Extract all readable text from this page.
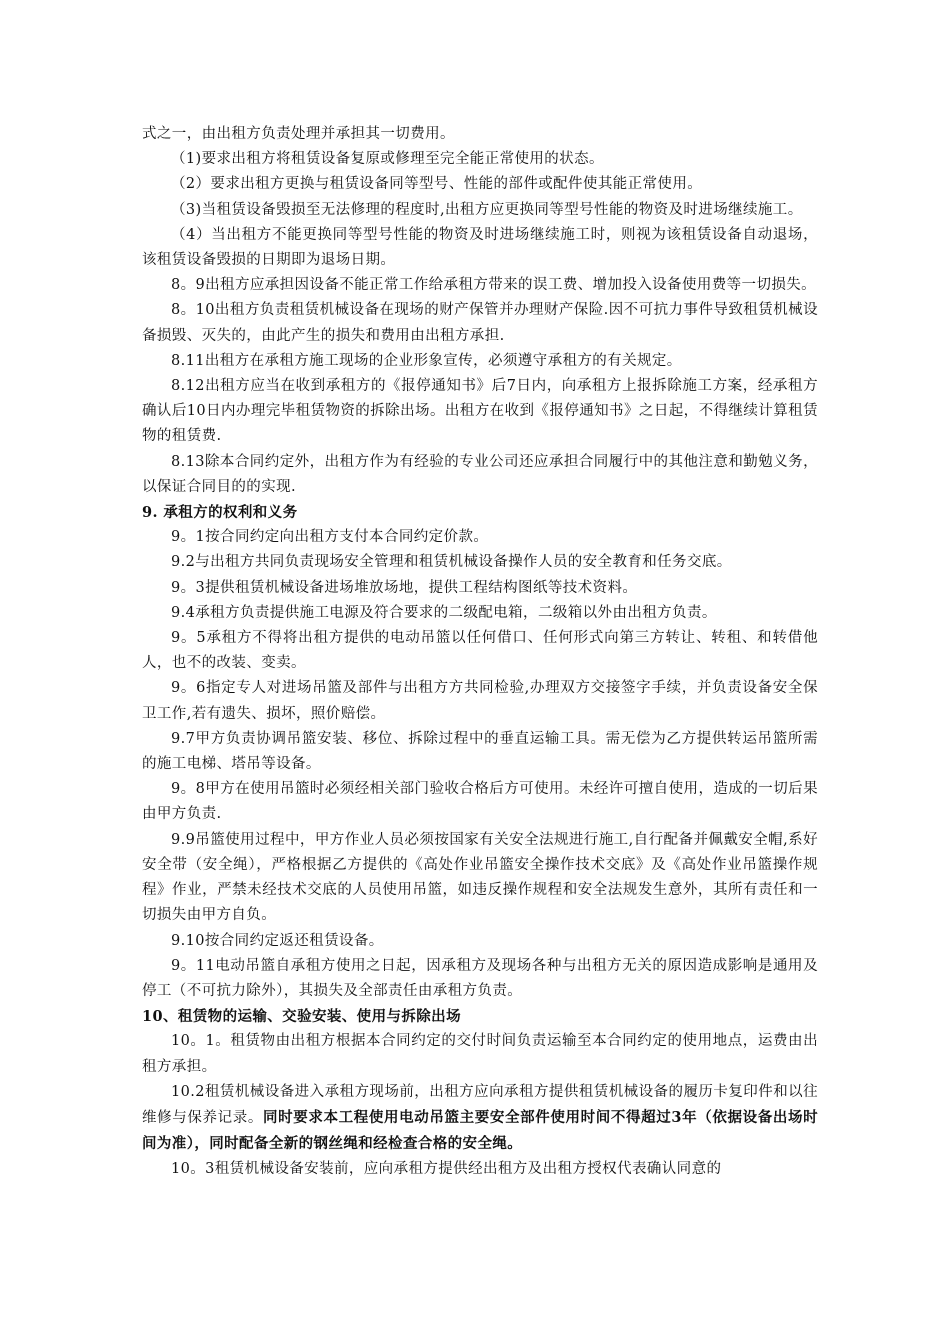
式之一，由出租方负责处理并承担其一切费用。

（1)要求出租方将租赁设备复原或修理至完全能正常使用的状态。

（2）要求出租方更换与租赁设备同等型号、性能的部件或配件使其能正常使用。

（3)当租赁设备毁损至无法修理的程度时,出租方应更换同等型号性能的物资及时进场继续施工。

（4）当出租方不能更换同等型号性能的物资及时进场继续施工时，则视为该租赁设备自动退场，该租赁设备毁损的日期即为退场日期。

8。9出租方应承担因设备不能正常工作给承租方带来的误工费、增加投入设备使用费等一切损失。

8。10出租方负责租赁机械设备在现场的财产保管并办理财产保险.因不可抗力事件导致租赁机械设备损毁、灭失的，由此产生的损失和费用由出租方承担.

8.11出租方在承租方施工现场的企业形象宣传，必须遵守承租方的有关规定。

8.12出租方应当在收到承租方的《报停通知书》后7日内，向承租方上报拆除施工方案，经承租方确认后10日内办理完毕租赁物资的拆除出场。出租方在收到《报停通知书》之日起，不得继续计算租赁物的租赁费.

8.13除本合同约定外，出租方作为有经验的专业公司还应承担合同履行中的其他注意和勤勉义务，以保证合同目的的实现.

9. 承租方的权利和义务

9。1按合同约定向出租方支付本合同约定价款。

9.2与出租方共同负责现场安全管理和租赁机械设备操作人员的安全教育和任务交底。

9。3提供租赁机械设备进场堆放场地，提供工程结构图纸等技术资料。

9.4承租方负责提供施工电源及符合要求的二级配电箱，二级箱以外由出租方负责。

9。5承租方不得将出租方提供的电动吊篮以任何借口、任何形式向第三方转让、转租、和转借他人，也不的改装、变卖。

9。6指定专人对进场吊篮及部件与出租方方共同检验,办理双方交接签字手续，并负责设备安全保卫工作,若有遗失、损坏，照价赔偿。

9.7甲方负责协调吊篮安装、移位、拆除过程中的垂直运输工具。需无偿为乙方提供转运吊篮所需的施工电梯、塔吊等设备。

9。8甲方在使用吊篮时必须经相关部门验收合格后方可使用。未经许可擅自使用，造成的一切后果由甲方负责.

9.9吊篮使用过程中，甲方作业人员必须按国家有关安全法规进行施工,自行配备并佩戴安全帽,系好安全带（安全绳），严格根据乙方提供的《高处作业吊篮安全操作技术交底》及《高处作业吊篮操作规程》作业，严禁未经技术交底的人员使用吊篮，如违反操作规程和安全法规发生意外，其所有责任和一切损失由甲方自负。

9.10按合同约定返还租赁设备。

9。11电动吊篮自承租方使用之日起，因承租方及现场各种与出租方无关的原因造成影响是通用及停工（不可抗力除外），其损失及全部责任由承租方负责。

10、租赁物的运输、交验安装、使用与拆除出场

10。1。租赁物由出租方根据本合同约定的交付时间负责运输至本合同约定的使用地点，运费由出租方承担。

10.2租赁机械设备进入承租方现场前，出租方应向承租方提供租赁机械设备的履历卡复印件和以往维修与保养记录。同时要求本工程使用电动吊篮主要安全部件使用时间不得超过3年（依据设备出场时间为准），同时配备全新的钢丝绳和经检查合格的安全绳。

10。3租赁机械设备安装前，应向承租方提供经出租方及出租方授权代表确认同意的
